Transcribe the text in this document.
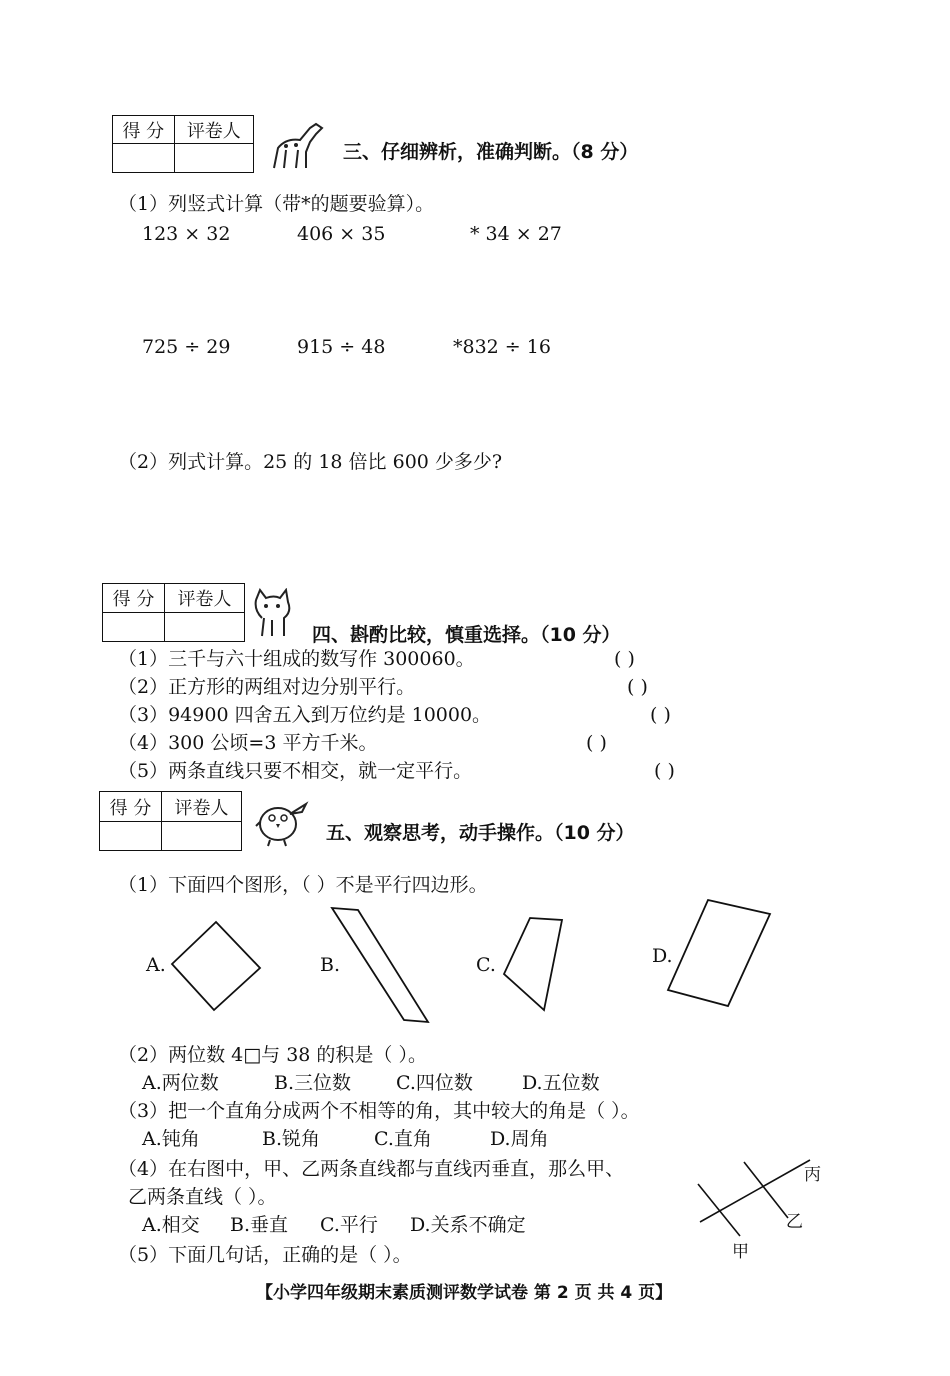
得 分	评卷人

三、仔细辨析，准确判断。（8 分）
（1）列竖式计算（带*的题要验算）。
123 × 32	406 × 35	* 34 × 27
725 ÷ 29	915 ÷ 48	*832 ÷ 16
（2）列式计算。25 的 18 倍比 600 少多少?
得 分	评卷人

四、斟酌比较，慎重选择。（10 分）
（1）三千与六十组成的数写作 300060。	( )
（2）正方形的两组对边分别平行。	( )
（3）94900 四舍五入到万位约是 10000。	( )
（4）300 公顷=3 平方千米。	( )
（5）两条直线只要不相交，就一定平行。	( )
得 分	评卷人

五、观察思考，动手操作。（10 分）
（1）下面四个图形，（ ）不是平行四边形。
A.	B.	C.	D.
（2）两位数 4□与 38 的积是（ ）。
A.两位数	B.三位数 C.四位数	D.五位数
（3）把一个直角分成两个不相等的角，其中较大的角是（ ）。
A.钝角	B.锐角	C.直角	D.周角
（4）在右图中，甲、乙两条直线都与直线丙垂直，那么甲、
乙两条直线（ ）。
A.相交 B.垂直 C.平行 D.关系不确定
甲
乙
丙
（5）下面几句话，正确的是（ ）。
【小学四年级期末素质测评数学试卷 第 2 页 共 4 页】
